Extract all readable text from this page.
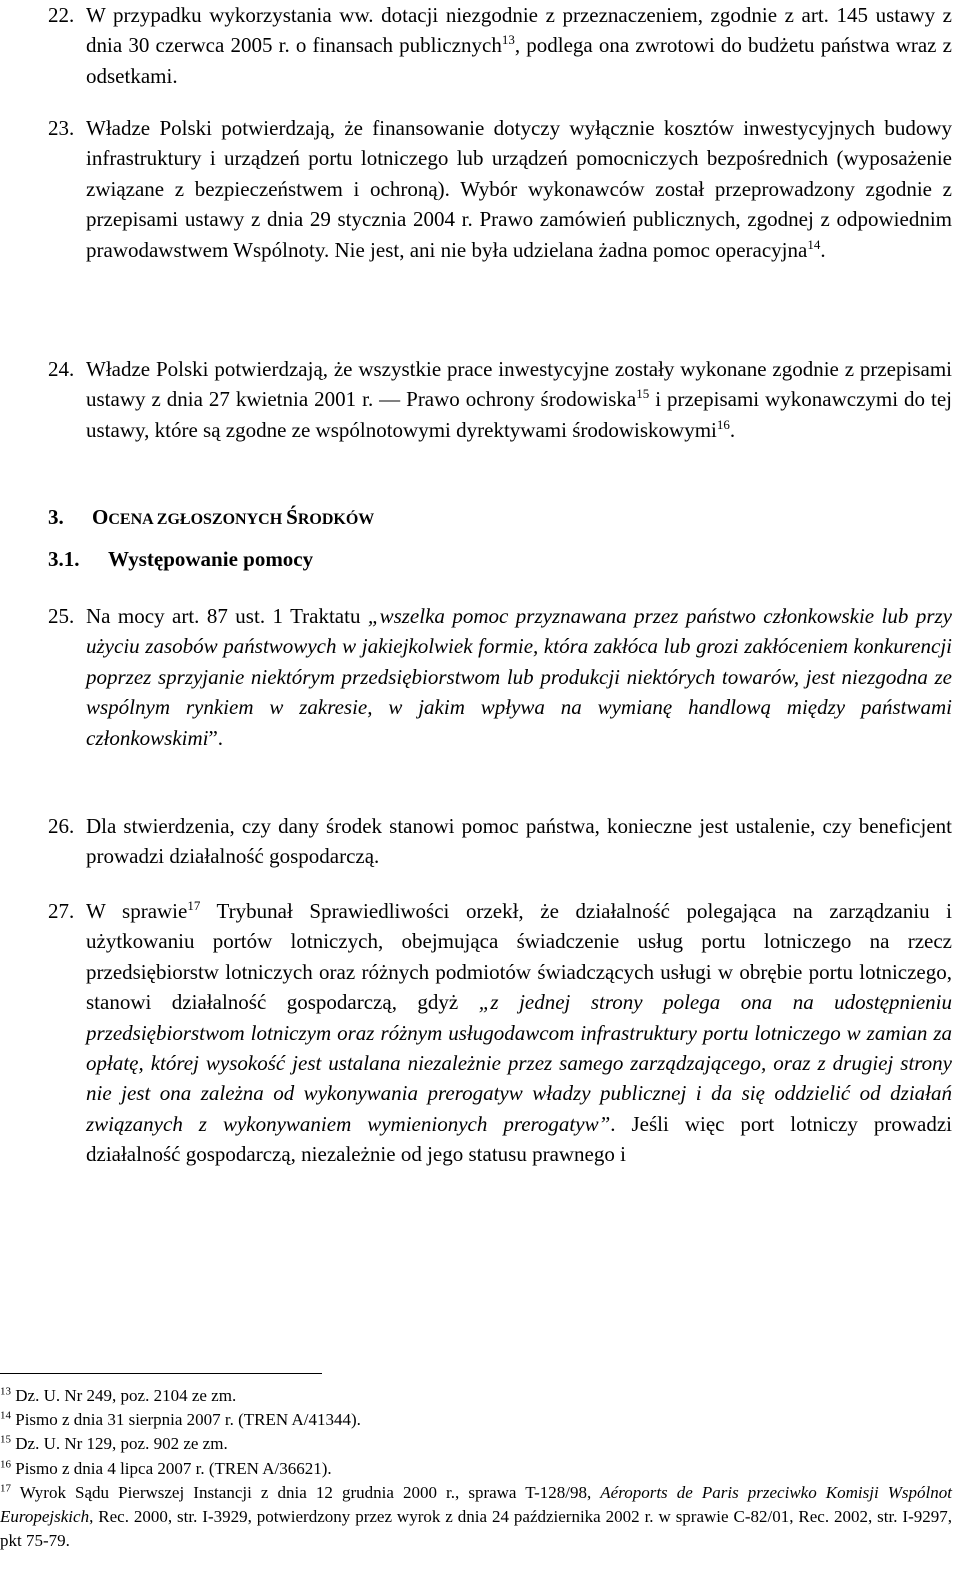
22. W przypadku wykorzystania ww. dotacji niezgodnie z przeznaczeniem, zgodnie z art. 145 ustawy z dnia 30 czerwca 2005 r. o finansach publicznych$^{13}$, podlega ona zwrotowi do budżetu państwa wraz z odsetkami.
23. Władze Polski potwierdzają, że finansowanie dotyczy wyłącznie kosztów inwestycyjnych budowy infrastruktury i urządzeń portu lotniczego lub urządzeń pomocniczych bezpośrednich (wyposażenie związane z bezpieczeństwem i ochroną). Wybór wykonawców został przeprowadzony zgodnie z przepisami ustawy z dnia 29 stycznia 2004 r. Prawo zamówień publicznych, zgodnej z odpowiednim prawodawstwem Wspólnoty. Nie jest, ani nie była udzielana żadna pomoc operacyjna$^{14}$.
24. Władze Polski potwierdzają, że wszystkie prace inwestycyjne zostały wykonane zgodnie z przepisami ustawy z dnia 27 kwietnia 2001 r. ― Prawo ochrony środowiska$^{15}$ i przepisami wykonawczymi do tej ustawy, które są zgodne ze wspólnotowymi dyrektywami środowiskowymi$^{16}$.
3. OCENA ZGŁOSZONYCH ŚRODKÓW
3.1. Występowanie pomocy
25. Na mocy art. 87 ust. 1 Traktatu „wszelka pomoc przyznawana przez państwo członkowskie lub przy użyciu zasobów państwowych w jakiejkolwiek formie, która zakłóca lub grozi zakłóceniem konkurencji poprzez sprzyjanie niektórym przedsiębiorstwom lub produkcji niektórych towarów, jest niezgodna ze wspólnym rynkiem w zakresie, w jakim wpływa na wymianę handlową między państwami członkowskimi”.
26. Dla stwierdzenia, czy dany środek stanowi pomoc państwa, konieczne jest ustalenie, czy beneficjent prowadzi działalność gospodarczą.
27. W sprawie$^{17}$ Trybunał Sprawiedliwości orzekł, że działalność polegająca na zarządzaniu i użytkowaniu portów lotniczych, obejmująca świadczenie usług portu lotniczego na rzecz przedsiębiorstw lotniczych oraz różnych podmiotów świadczących usługi w obrębie portu lotniczego, stanowi działalność gospodarczą, gdyż „z jednej strony polega ona na udostępnieniu przedsiębiorstwom lotniczym oraz różnym usługodawcom infrastruktury portu lotniczego w zamian za opłatę, której wysokość jest ustalana niezależnie przez samego zarządzającego, oraz z drugiej strony nie jest ona zależna od wykonywania prerogatyw władzy publicznej i da się oddzielić od działań związanych z wykonywaniem wymienionych prerogatyw”. Jeśli więc port lotniczy prowadzi działalność gospodarczą, niezależnie od jego statusu prawnego i
$^{13}$ Dz. U. Nr 249, poz. 2104 ze zm.
$^{14}$ Pismo z dnia 31 sierpnia 2007 r. (TREN A/41344).
$^{15}$ Dz. U. Nr 129, poz. 902 ze zm.
$^{16}$ Pismo z dnia 4 lipca 2007 r. (TREN A/36621).
$^{17}$ Wyrok Sądu Pierwszej Instancji z dnia 12 grudnia 2000 r., sprawa T-128/98, Aéroports de Paris przeciwko Komisji Wspólnot Europejskich, Rec. 2000, str. I-3929, potwierdzony przez wyrok z dnia 24 października 2002 r. w sprawie C-82/01, Rec. 2002, str. I-9297, pkt 75-79.
